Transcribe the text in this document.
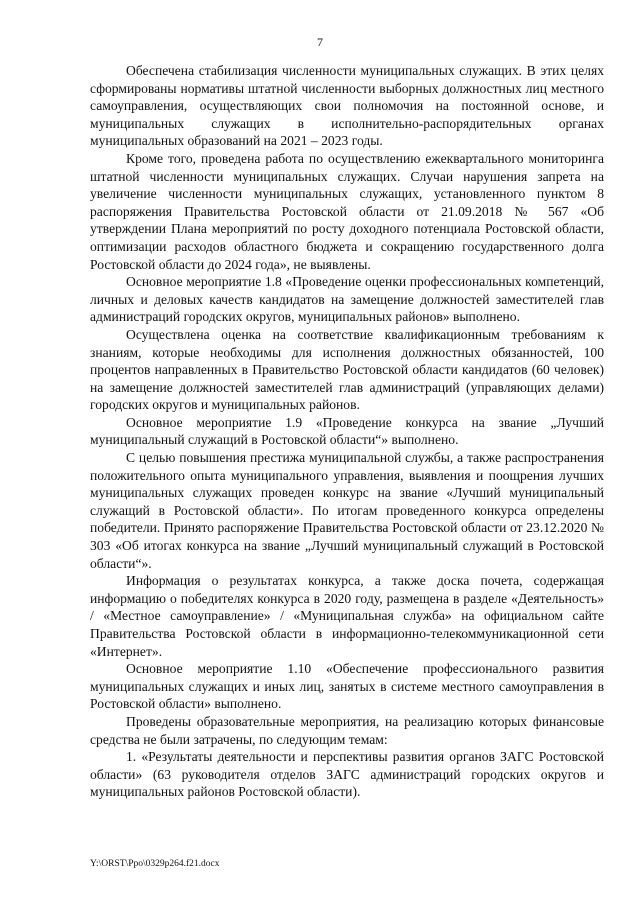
7

Обеспечена стабилизация численности муниципальных служащих. В этих целях сформированы нормативы штатной численности выборных должностных лиц местного самоуправления, осуществляющих свои полномочия на постоянной основе, и муниципальных служащих в исполнительно-распорядительных органах муниципальных образований на 2021 – 2023 годы.

Кроме того, проведена работа по осуществлению ежеквартального мониторинга штатной численности муниципальных служащих. Случаи нарушения запрета на увеличение численности муниципальных служащих, установленного пунктом 8 распоряжения Правительства Ростовской области от 21.09.2018 № 567 «Об утверждении Плана мероприятий по росту доходного потенциала Ростовской области, оптимизации расходов областного бюджета и сокращению государственного долга Ростовской области до 2024 года», не выявлены.

Основное мероприятие 1.8 «Проведение оценки профессиональных компетенций, личных и деловых качеств кандидатов на замещение должностей заместителей глав администраций городских округов, муниципальных районов» выполнено.

Осуществлена оценка на соответствие квалификационным требованиям к знаниям, которые необходимы для исполнения должностных обязанностей, 100 процентов направленных в Правительство Ростовской области кандидатов (60 человек) на замещение должностей заместителей глав администраций (управляющих делами) городских округов и муниципальных районов.

Основное мероприятие 1.9 «Проведение конкурса на звание „Лучший муниципальный служащий в Ростовской области“» выполнено.

С целью повышения престижа муниципальной службы, а также распространения положительного опыта муниципального управления, выявления и поощрения лучших муниципальных служащих проведен конкурс на звание «Лучший муниципальный служащий в Ростовской области». По итогам проведенного конкурса определены победители. Принято распоряжение Правительства Ростовской области от 23.12.2020 № 303 «Об итогах конкурса на звание „Лучший муниципальный служащий в Ростовской области“».

Информация о результатах конкурса, а также доска почета, содержащая информацию о победителях конкурса в 2020 году, размещена в разделе «Деятельность» / «Местное самоуправление» / «Муниципальная служба» на официальном сайте Правительства Ростовской области в информационно-телекоммуникационной сети «Интернет».

Основное мероприятие 1.10 «Обеспечение профессионального развития муниципальных служащих и иных лиц, занятых в системе местного самоуправления в Ростовской области» выполнено.

Проведены образовательные мероприятия, на реализацию которых финансовые средства не были затрачены, по следующим темам:

1. «Результаты деятельности и перспективы развития органов ЗАГС Ростовской области» (63 руководителя отделов ЗАГС администраций городских округов и муниципальных районов Ростовской области).

Y:\ORST\Ppo\0329p264.f21.docx
